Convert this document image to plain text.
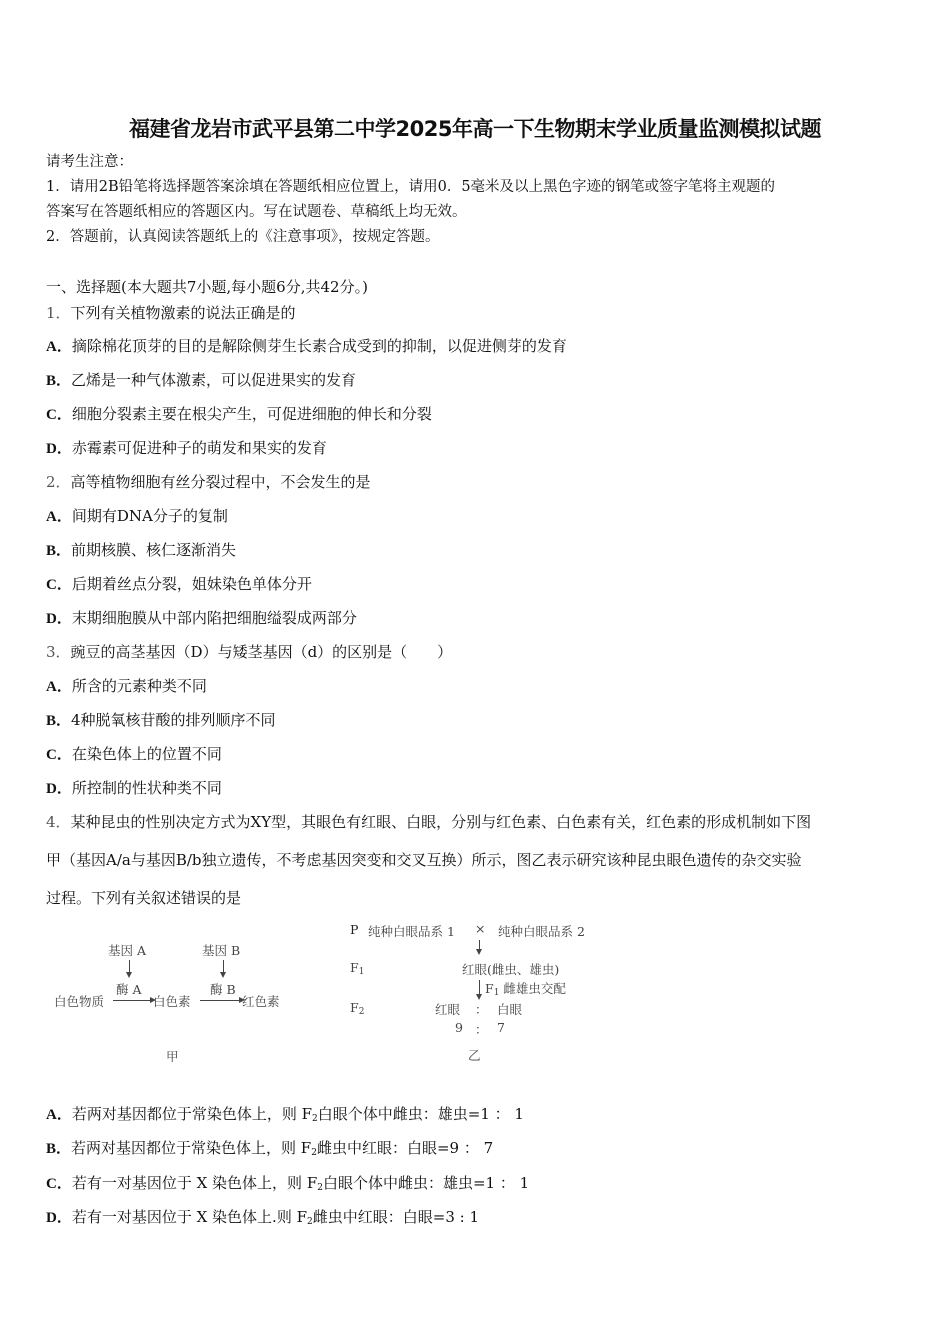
福建省龙岩市武平县第二中学2025年高一下生物期末学业质量监测模拟试题

请考生注意：

1．请用2B铅笔将选择题答案涂填在答题纸相应位置上，请用0．5毫米及以上黑色字迹的钢笔或签字笔将主观题的

答案写在答题纸相应的答题区内。写在试题卷、草稿纸上均无效。

2．答题前，认真阅读答题纸上的《注意事项》，按规定答题。

一、选择题(本大题共7小题,每小题6分,共42分。)
1．下列有关植物激素的说法正确是的
A．摘除棉花顶芽的目的是解除侧芽生长素合成受到的抑制，以促进侧芽的发育
B．乙烯是一种气体激素，可以促进果实的发育
C．细胞分裂素主要在根尖产生，可促进细胞的伸长和分裂
D．赤霉素可促进种子的萌发和果实的发育
2．高等植物细胞有丝分裂过程中，不会发生的是
A．间期有DNA分子的复制
B．前期核膜、核仁逐渐消失
C．后期着丝点分裂，姐妹染色单体分开
D．末期细胞膜从中部内陷把细胞缢裂成两部分
3．豌豆的高茎基因（D）与矮茎基因（d）的区别是（　　）
A．所含的元素种类不同
B．4种脱氧核苷酸的排列顺序不同
C．在染色体上的位置不同
D．所控制的性状种类不同

4．某种昆虫的性别决定方式为XY型，其眼色有红眼、白眼，分别与红色素、白色素有关，红色素的形成机制如下图

甲（基因A/a与基因B/b独立遗传，不考虑基因突变和交叉互换）所示，图乙表示研究该种昆虫眼色遗传的杂交实验

过程。下列有关叙述错误的是

基因 A	基因 B
酶 A	酶 B
白色物质	白色素	红色素
甲
P 纯种白眼品系 1 × 纯种白眼品系 2
$F_1$	红眼(雌虫、雄虫)
$F_1$ 雌雄虫交配
$F_2$	红眼 ： 白眼
9 ： 7
乙
A．若两对基因都位于常染色体上，则 $F_2$白眼个体中雌虫：雄虫=1 ： 1
B．若两对基因都位于常染色体上，则 $F_2$雌虫中红眼：白眼=9 ： 7
C．若有一对基因位于 X 染色体上，则 $F_2$白眼个体中雌虫：雄虫=1 ： 1
D．若有一对基因位于 X 染色体上.则 $F_2$雌虫中红眼：白眼=3 : 1
